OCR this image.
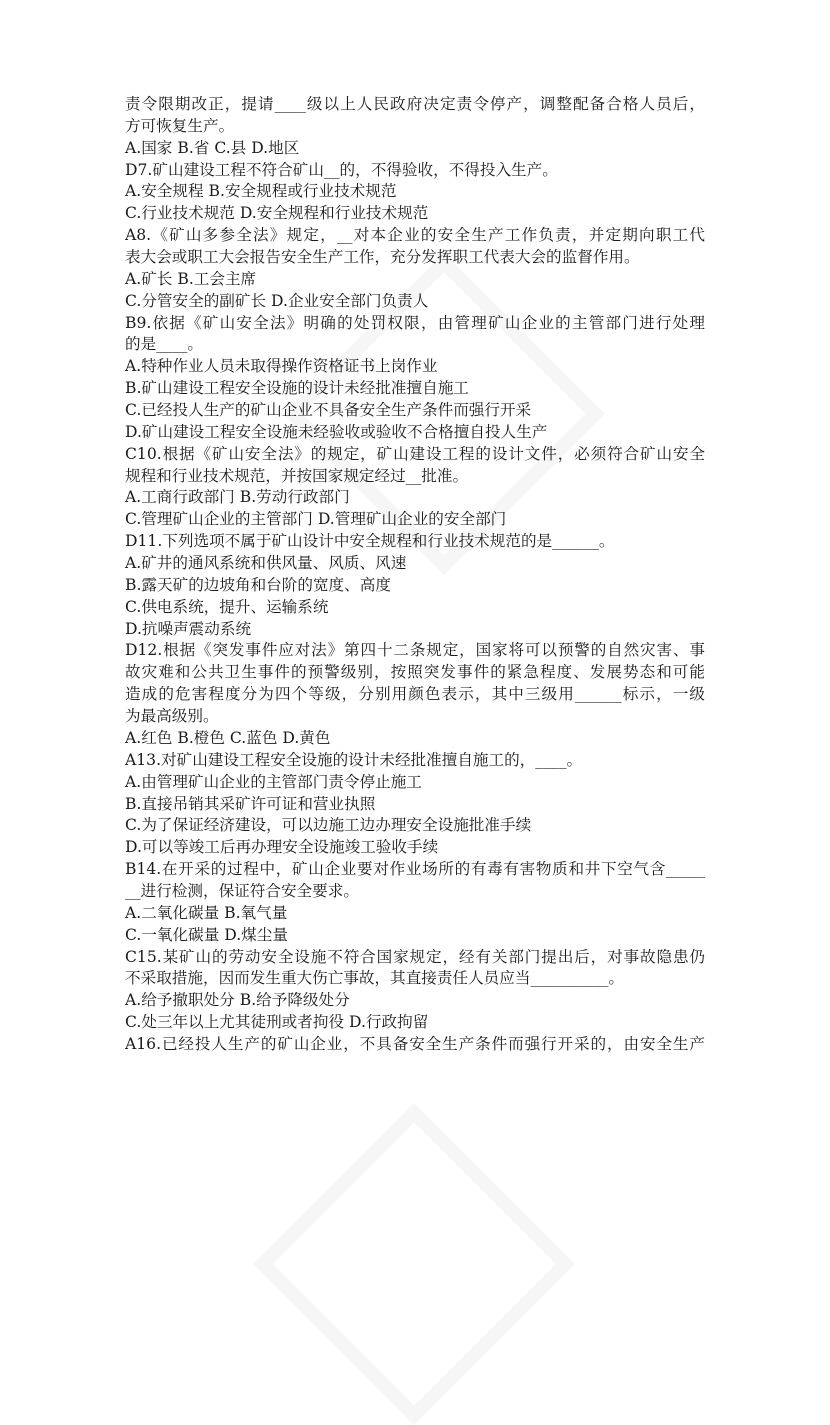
责令限期改正，提请____级以上人民政府决定责令停产，调整配备合格人员后，
方可恢复生产。
A.国家 B.省 C.县 D.地区
D7.矿山建设工程不符合矿山__的，不得验收，不得投入生产。
A.安全规程 B.安全规程或行业技术规范
C.行业技术规范 D.安全规程和行业技术规范
A8.《矿山多参全法》规定，__对本企业的安全生产工作负责，并定期向职工代
表大会或职工大会报告安全生产工作，充分发挥职工代表大会的监督作用。
A.矿长 B.工会主席
C.分管安全的副矿长 D.企业安全部门负责人
B9.依据《矿山安全法》明确的处罚权限，由管理矿山企业的主管部门进行处理
的是____。
A.特种作业人员未取得操作资格证书上岗作业
B.矿山建设工程安全设施的设计未经批准擅自施工
C.已经投人生产的矿山企业不具备安全生产条件而强行开采
D.矿山建设工程安全设施未经验收或验收不合格擅自投人生产
C10.根据《矿山安全法》的规定，矿山建设工程的设计文件，必须符合矿山安全
规程和行业技术规范，并按国家规定经过__批准。
A.工商行政部门 B.劳动行政部门
C.管理矿山企业的主管部门 D.管理矿山企业的安全部门
D11.下列选项不属于矿山设计中安全规程和行业技术规范的是______。
A.矿井的通风系统和供风量、风质、风速
B.露天矿的边坡角和台阶的宽度、高度
C.供电系统，提升、运输系统
D.抗噪声震动系统
D12.根据《突发事件应对法》第四十二条规定，国家将可以预警的自然灾害、事
故灾难和公共卫生事件的预警级别，按照突发事件的紧急程度、发展势态和可能
造成的危害程度分为四个等级，分别用颜色表示，其中三级用______标示，一级
为最高级别。
A.红色 B.橙色 C.蓝色 D.黄色
A13.对矿山建设工程安全设施的设计未经批准擅自施工的，____。
A.由管理矿山企业的主管部门责令停止施工
B.直接吊销其采矿许可证和营业执照
C.为了保证经济建设，可以边施工边办理安全设施批准手续
D.可以等竣工后再办理安全设施竣工验收手续
B14.在开采的过程中，矿山企业要对作业场所的有毒有害物质和井下空气含_____
__进行检测，保证符合安全要求。
A.二氧化碳量 B.氧气量
C.一氧化碳量 D.煤尘量
C15.某矿山的劳动安全设施不符合国家规定，经有关部门提出后，对事故隐患仍
不采取措施，因而发生重大伤亡事故，其直接责任人员应当__________。
A.给予撤职处分 B.给予降级处分
C.处三年以上尤其徒刑或者拘役 D.行政拘留
A16.已经投人生产的矿山企业，不具备安全生产条件而强行开采的，由安全生产
